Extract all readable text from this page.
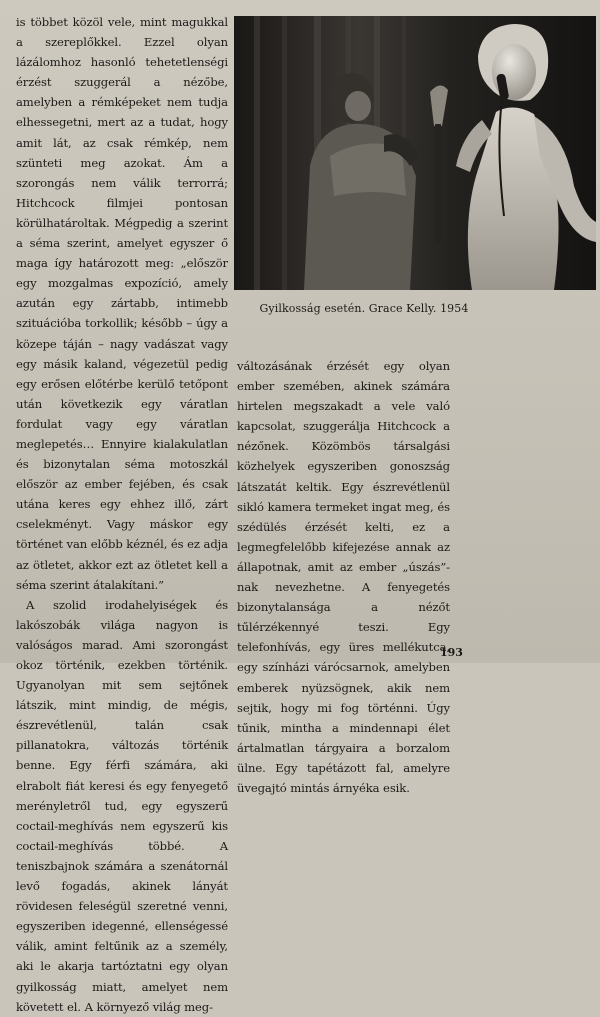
is többet közöl vele, mint magukkal a szereplőkkel. Ezzel olyan lázálomhoz hasonló tehetetlenségi érzést szuggerál a nézőbe, amelyben a rémképeket nem tudja elhessegetni, mert az a tudat, hogy amit lát, az csak rémkép, nem szünteti meg azokat. Ám a szorongás nem válik terrorrá; Hitchcock filmjei pontosan körülhatároltak. Mégpedig a szerint a séma szerint, amelyet egyszer ő maga így határozott meg: „először egy mozgalmas expozíció, amely azután egy zártabb, intimebb szituációba torkollik; később – úgy a közepe táján – nagy vadászat vagy egy másik kaland, végezetül pedig egy erősen előtérbe kerülő tetőpont után következik egy váratlan fordulat vagy egy váratlan meglepetés… Ennyire kialakulatlan és bizonytalan séma motoszkál először az ember fejében, és csak utána keres egy ehhez illő, zárt cselekményt. Vagy máskor egy történet van előbb kéznél, és ez adja az ötletet, akkor ezt az ötletet kell a séma szerint átalakítani.”

A szolid irodahelyiségek és lakószobák világa nagyon is valóságos marad. Ami szorongást okoz történik, ezekben történik. Ugyanolyan mit sem sejtőnek látszik, mint mindig, de mégis, észrevétlenül, talán csak pillanatokra, változás történik benne. Egy férfi számára, aki elrabolt fiát keresi és egy fenyegető merényletről tud, egy egyszerű coctail-meghívás nem egyszerű kis coctail-meghívás többé. A teniszbajnok számára a szenátornál levő fogadás, akinek lányát rövidesen feleségül szeretné venni, egyszeriben idegenné, ellenségessé válik, amint feltűnik az a személy, aki le akarja tartóztatni egy olyan gyilkosság miatt, amelyet nem követett el. A környező világ meg-

Gyilkosság esetén. Grace Kelly. 1954

változásának érzését egy olyan ember szemében, akinek számára hirtelen megszakadt a vele való kapcsolat, szuggerálja Hitchcock a nézőnek. Közömbös társalgási közhelyek egyszeriben gonoszság látszatát keltik. Egy észrevétlenül sikló kamera termeket ingat meg, és szédülés érzését kelti, ez a legmegfelelőbb kifejezése annak az állapotnak, amit az ember „úszás”-nak nevezhetne. A fenyegetés bizonytalansága a nézőt tűlérzékennyé teszi. Egy telefonhívás, egy üres mellékutca, egy színházi várócsarnok, amelyben emberek nyüzsögnek, akik nem sejtik, hogy mi fog történni. Úgy tűnik, mintha a mindennapi élet ártalmatlan tárgyaira a borzalom ülne. Egy tapétázott fal, amelyre üvegajtó mintás árnyéka esik.

193
